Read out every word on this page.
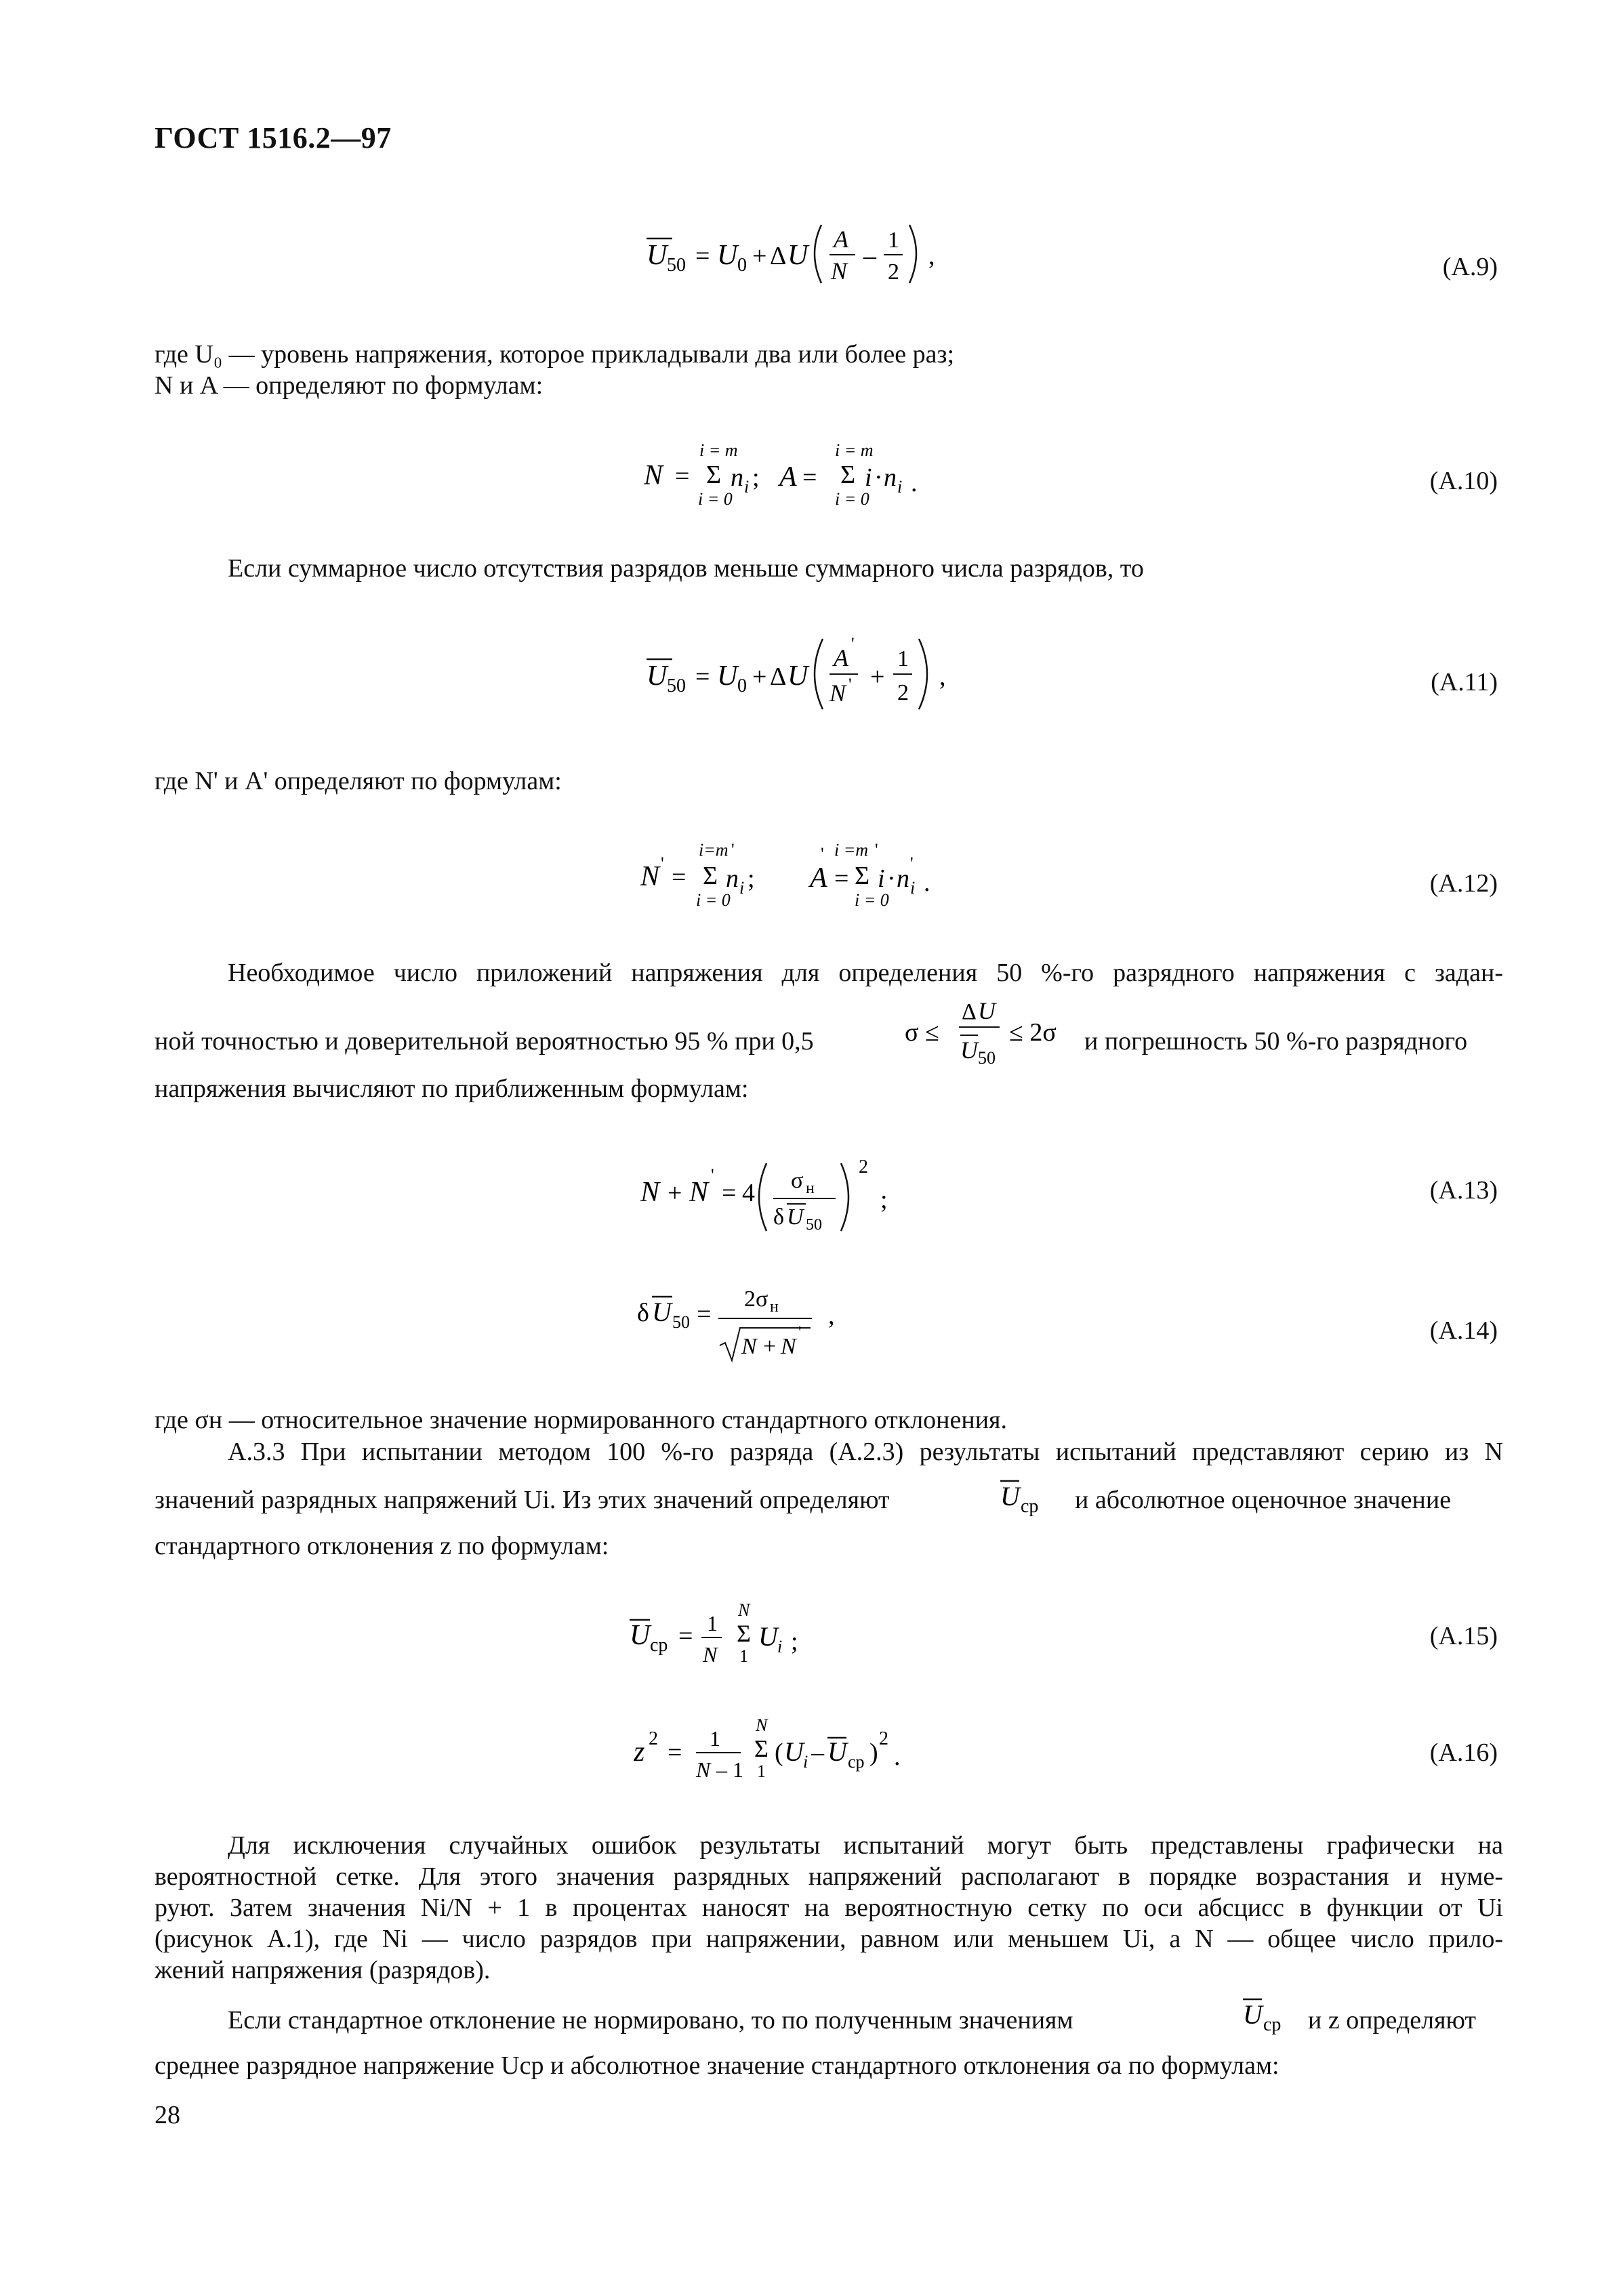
ГОСТ 1516.2—97
U 50 = U 0 + Δ U
A
N
–
1
2
,	(A.9)
где U₀ — уровень напряжения, которое прикладывали два или более раз;
N и A — определяют по формулам:
N =
i = m
Σ
i = 0
n i ; A =
i = m
Σ
i = 0
i · n i .	(A.10)
Если суммарное число отсутствия разрядов меньше суммарного числа разрядов, то
U 50 = U 0 + Δ U
A
'
N ' +
1
2
,	(A.11)
где N' и A' определяют по формулам:
N ' =
i=m '
Σ
i = 0
n i ; A
'
=
i =m '
Σ
i = 0
i · n i
'
.	(A.12)
Необходимое число приложений напряжения для определения 50 %-го разрядного напряжения с задан-
ной точностью и доверительной вероятностью 95 % при 0,5	σ ≤
Δ U
U 50
≤ 2σ и погрешность 50 %-го разрядного
напряжения вычисляют по приближенным формулам:
N + N
'
= 4 σ н
δ U 50
2
;	(A.13)
δ U 50 =
2σ н
N + N
'
,
(A.14)
где σн — относительное значение нормированного стандартного отклонения.
А.3.3 При испытании методом 100 %-го разряда (А.2.3) результаты испытаний представляют серию из N
значений разрядных напряжений Ui. Из этих значений определяют	U ср и абсолютное оценочное значение
стандартного отклонения z по формулам:
U ср = 1
N
N
Σ
1
U i ;	(A.15)
z 2 = 1
N – 1
N
Σ
1
( U i – U ср ) 2
.	(A.16)
Для исключения случайных ошибок результаты испытаний могут быть представлены графически на
вероятностной сетке. Для этого значения разрядных напряжений располагают в порядке возрастания и нуме-
руют. Затем значения Ni/N + 1 в процентах наносят на вероятностную сетку по оси абсцисс в функции от Ui
(рисунок А.1), где Ni — число разрядов при напряжении, равном или меньшем Ui, а N — общее число прило-
жений напряжения (разрядов).
Если стандартное отклонение не нормировано, то по полученным значениям	U ср и z определяют
среднее разрядное напряжение Uср и абсолютное значение стандартного отклонения σа по формулам:
28
